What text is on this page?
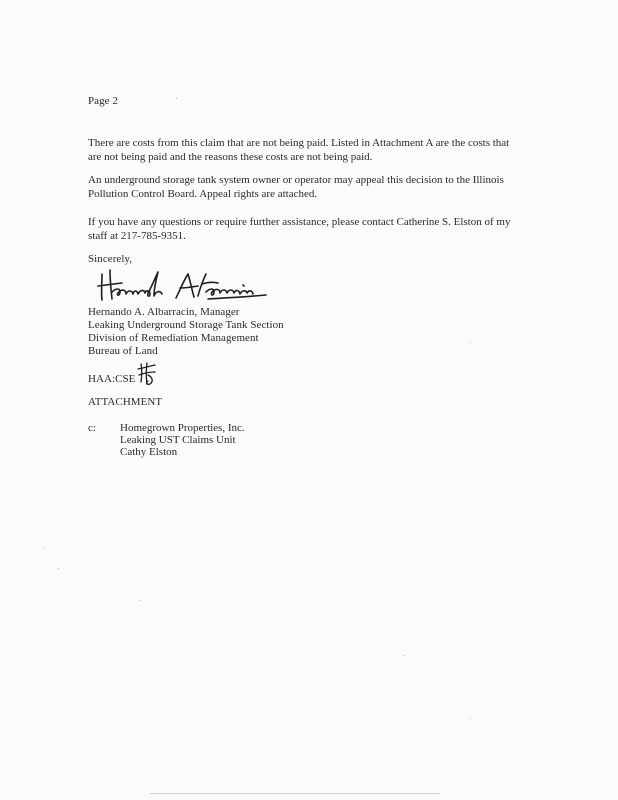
Page 2
There are costs from this claim that are not being paid. Listed in Attachment A are the costs that
are not being paid and the reasons these costs are not being paid.
An underground storage tank system owner or operator may appeal this decision to the Illinois
Pollution Control Board. Appeal rights are attached.
If you have any questions or require further assistance, please contact Catherine S. Elston of my
staff at 217-785-9351.
Sincerely,
Hernando A. Albarracin, Manager
Leaking Underground Storage Tank Section
Division of Remediation Management
Bureau of Land
HAA:CSE
ATTACHMENT
c: Homegrown Properties, Inc.
Leaking UST Claims Unit
Cathy Elston
